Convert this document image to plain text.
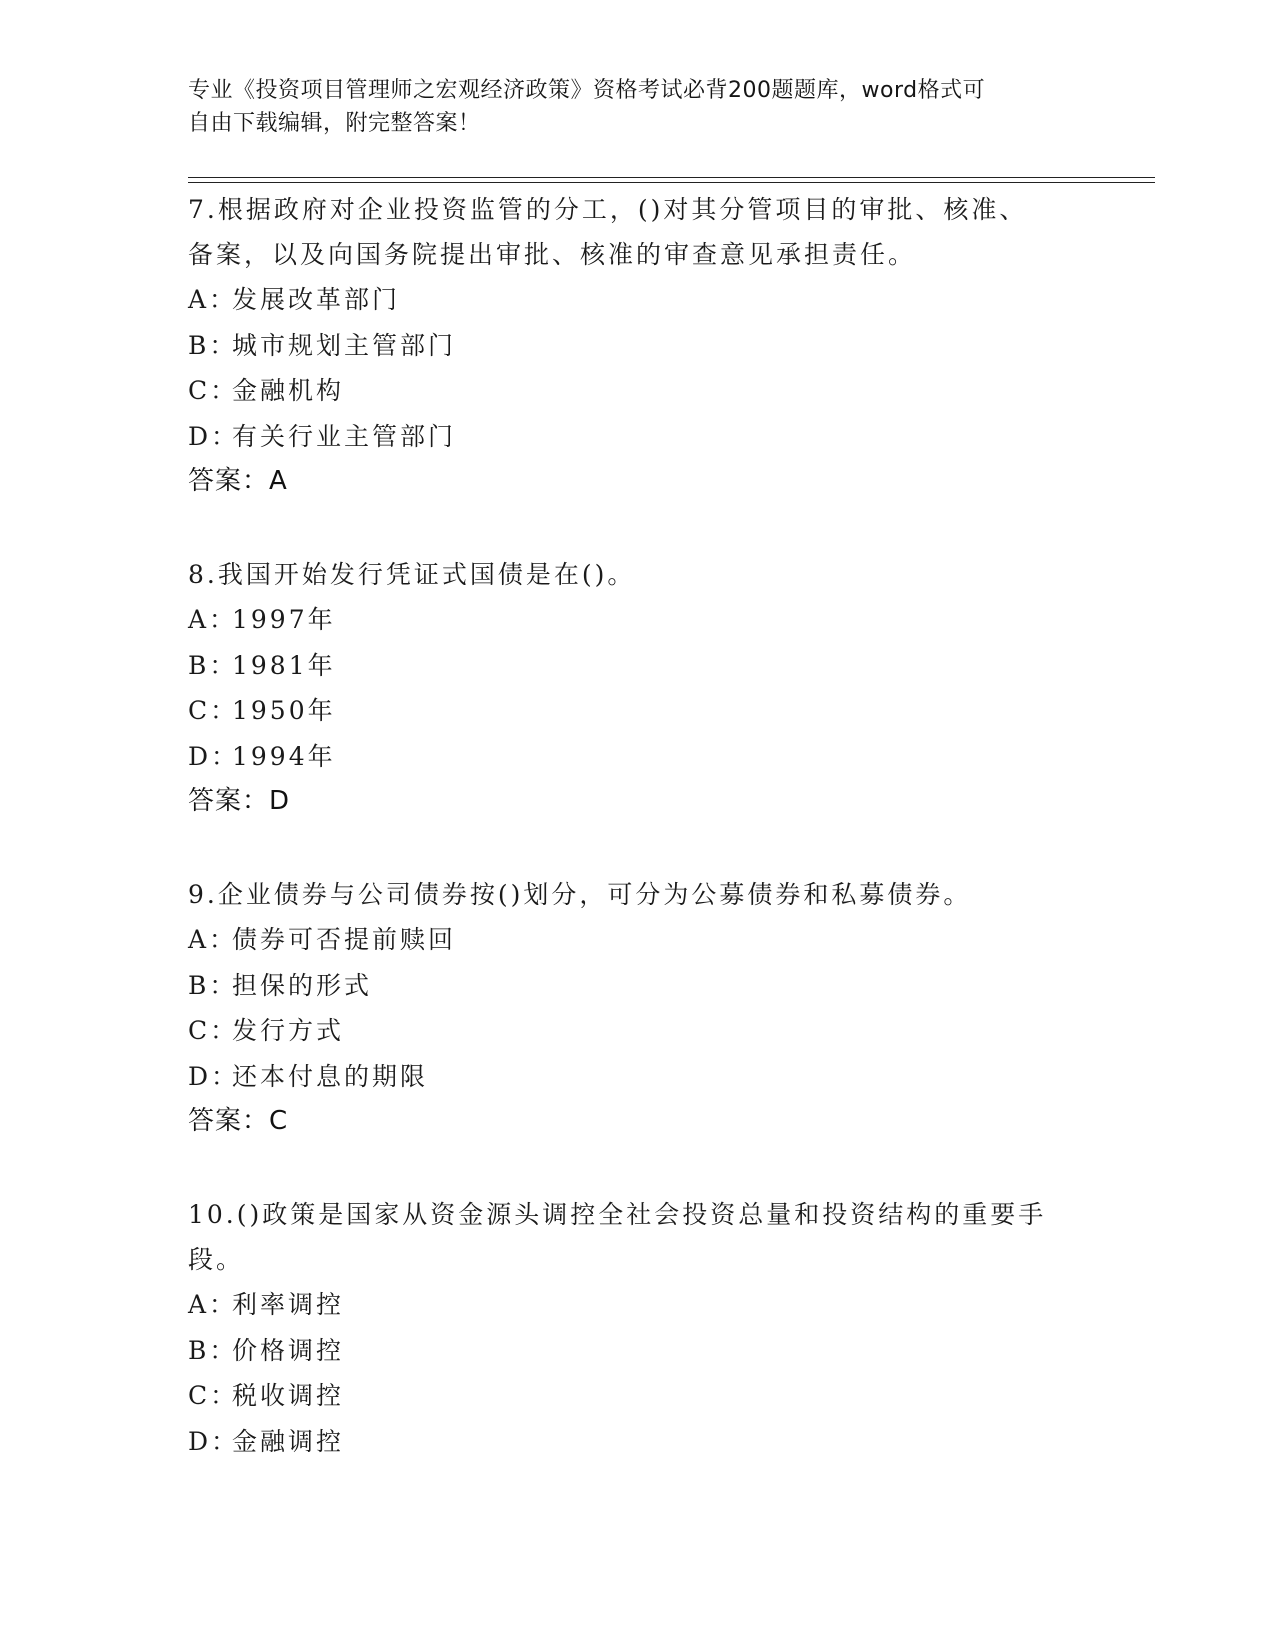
专业《投资项目管理师之宏观经济政策》资格考试必背200题题库，word格式可
自由下载编辑，附完整答案！
7.根据政府对企业投资监管的分工，()对其分管项目的审批、核准、
备案，以及向国务院提出审批、核准的审查意见承担责任。
A：发展改革部门
B：城市规划主管部门
C：金融机构
D：有关行业主管部门
答案：A
8.我国开始发行凭证式国债是在()。
A：1997年
B：1981年
C：1950年
D：1994年
答案：D
9.企业债券与公司债券按()划分，可分为公募债券和私募债券。
A：债券可否提前赎回
B：担保的形式
C：发行方式
D：还本付息的期限
答案：C
10.()政策是国家从资金源头调控全社会投资总量和投资结构的重要手
段。
A：利率调控
B：价格调控
C：税收调控
D：金融调控
